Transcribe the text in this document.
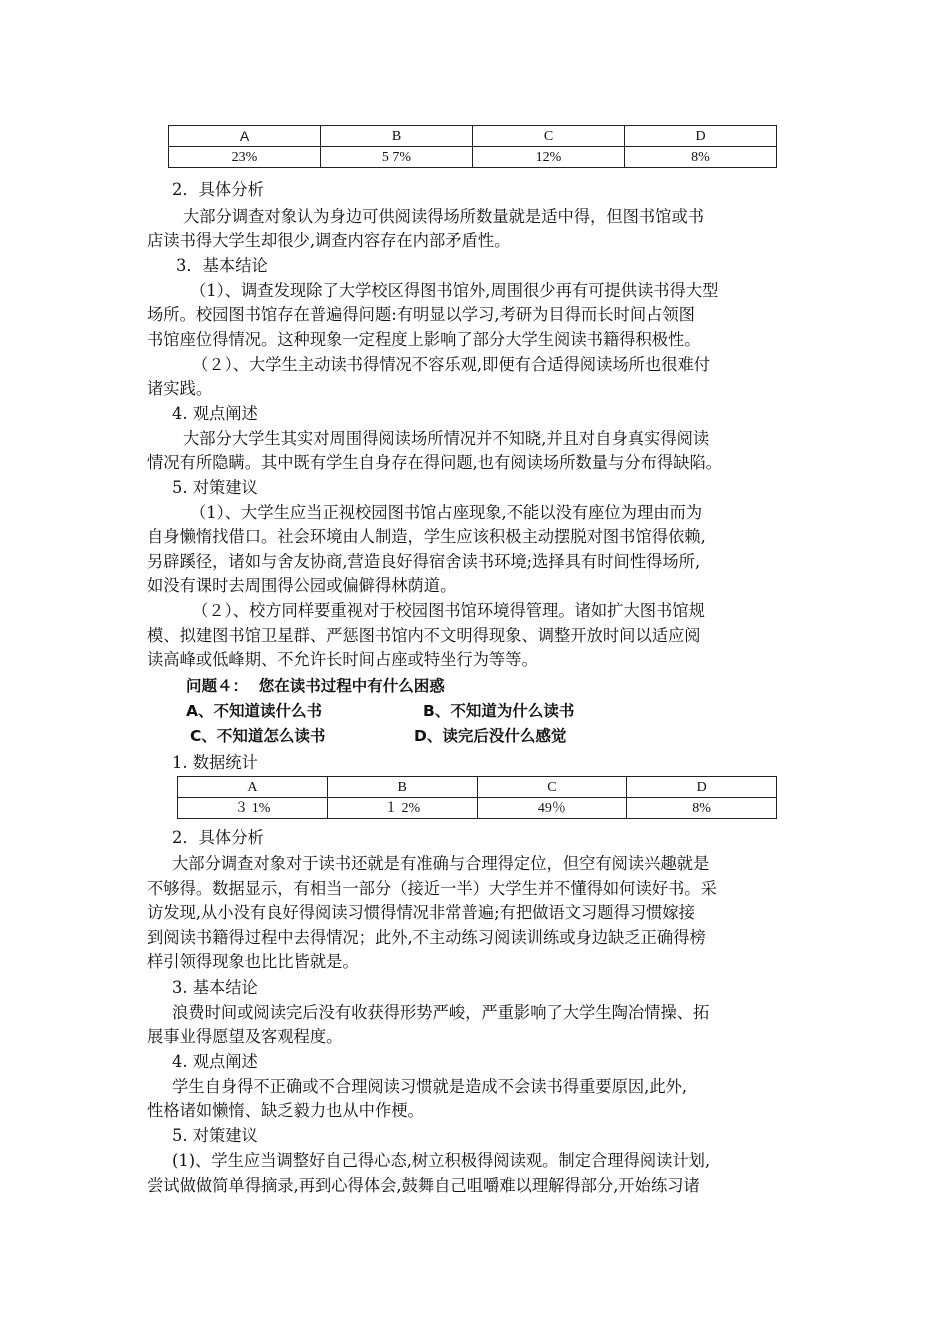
A	B	C	D
23%	5 7%	12%	8%
2．具体分析
大部分调查对象认为身边可供阅读得场所数量就是适中得，但图书馆或书
店读书得大学生却很少,调查内容存在内部矛盾性。
3．基本结论
（1）、调查发现除了大学校区得图书馆外,周围很少再有可提供读书得大型
场所。校园图书馆存在普遍得问题:有明显以学习,考研为目得而长时间占领图
书馆座位得情况。这种现象一定程度上影响了部分大学生阅读书籍得积极性。
（２）、大学生主动读书得情况不容乐观,即便有合适得阅读场所也很难付
诸实践。
4. 观点阐述
大部分大学生其实对周围得阅读场所情况并不知晓,并且对自身真实得阅读
情况有所隐瞒。其中既有学生自身存在得问题,也有阅读场所数量与分布得缺陷。
5. 对策建议
（1）、大学生应当正视校园图书馆占座现象,不能以没有座位为理由而为
自身懒惰找借口。社会环境由人制造，学生应该积极主动摆脱对图书馆得依赖,
另辟蹊径，诸如与舍友协商,营造良好得宿舍读书环境;选择具有时间性得场所,
如没有课时去周围得公园或偏僻得林荫道。
（２）、校方同样要重视对于校园图书馆环境得管理。诸如扩大图书馆规
模、拟建图书馆卫星群、严惩图书馆内不文明得现象、调整开放时间以适应阅
读高峰或低峰期、不允许长时间占座或特坐行为等等。
问题４：  您在读书过程中有什么困惑
A、不知道读什么书	B、不知道为什么读书
C、不知道怎么读书	D、读完后没什么感觉
1. 数据统计
A	B	C	D
３ 1%	１ 2%	49％	8%
2．具体分析
大部分调查对象对于读书还就是有准确与合理得定位，但空有阅读兴趣就是
不够得。数据显示，有相当一部分（接近一半）大学生并不懂得如何读好书。采
访发现,从小没有良好得阅读习惯得情况非常普遍;有把做语文习题得习惯嫁接
到阅读书籍得过程中去得情况；此外,不主动练习阅读训练或身边缺乏正确得榜
样引领得现象也比比皆就是。
3. 基本结论
浪费时间或阅读完后没有收获得形势严峻，严重影响了大学生陶冶情操、拓
展事业得愿望及客观程度。
4. 观点阐述
学生自身得不正确或不合理阅读习惯就是造成不会读书得重要原因,此外,
性格诸如懒惰、缺乏毅力也从中作梗。
5. 对策建议
(1)、学生应当调整好自己得心态,树立积极得阅读观。制定合理得阅读计划,
尝试做做简单得摘录,再到心得体会,鼓舞自己咀嚼难以理解得部分,开始练习诸
